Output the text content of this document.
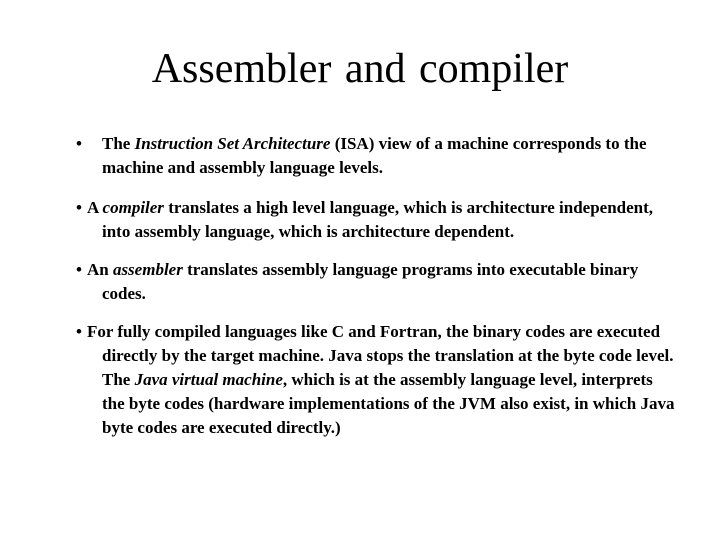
Assembler and compiler
• The Instruction Set Architecture (ISA) view of a machine corresponds to the machine and assembly language levels.
• A compiler translates a high level language, which is architecture independent, into assembly language, which is architecture dependent.
• An assembler translates assembly language programs into executable binary codes.
• For fully compiled languages like C and Fortran, the binary codes are executed directly by the target machine. Java stops the translation at the byte code level. The Java virtual machine, which is at the assembly language level, interprets the byte codes (hardware implementations of the JVM also exist, in which Java byte codes are executed directly.)
